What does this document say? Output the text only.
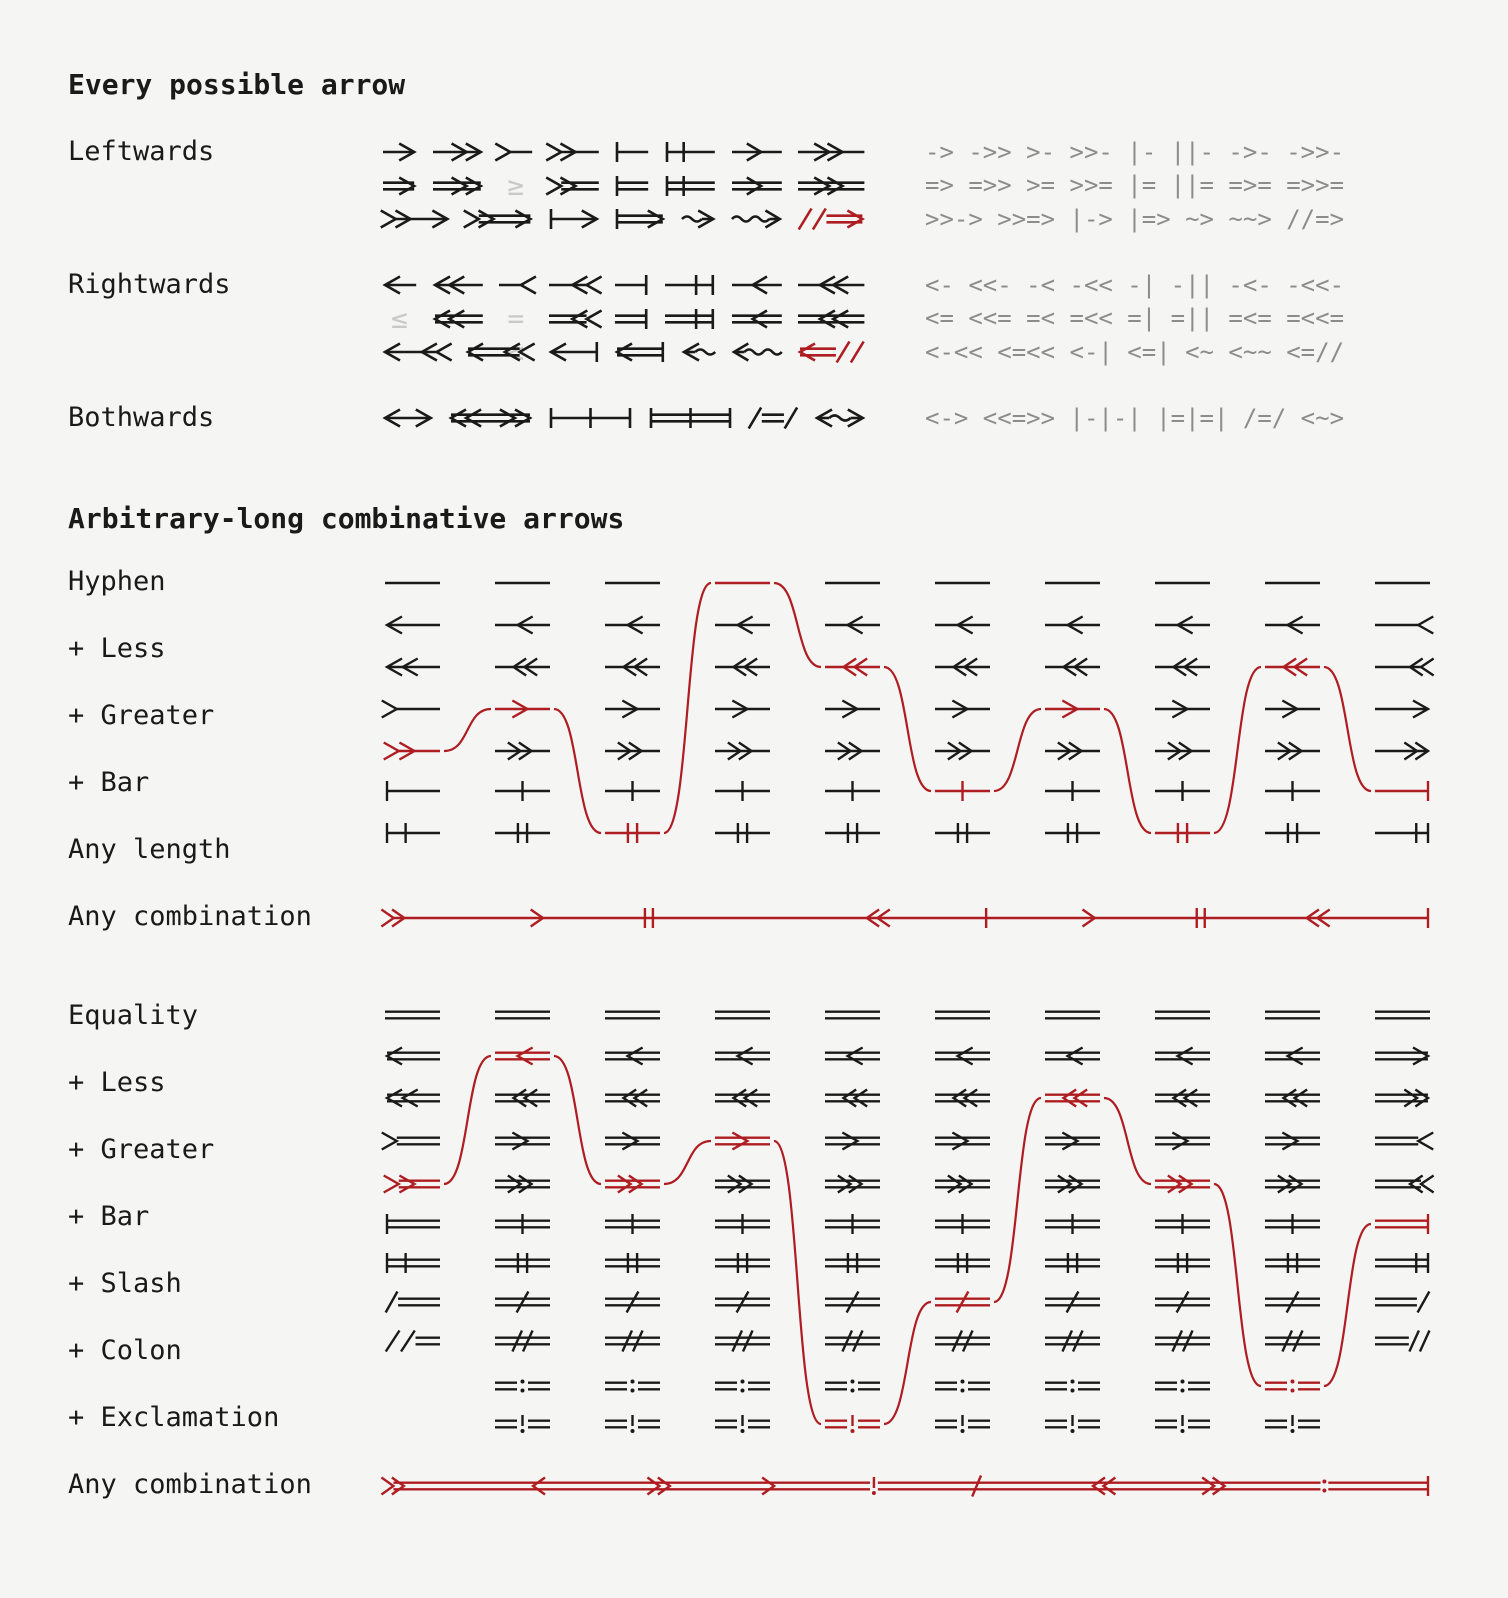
Every possible arrow
Leftwards
Rightwards
Bothwards
-> ->> >- >>- |- ||- ->- ->>-
=> =>> >= >>= |= ||= =>= =>>=
>>-> >>=> |-> |=> ~> ~~> //=>
<- <<- -< -<< -| -|| -<- -<<-
<= <<= =< =<< =| =|| =<= =<<=
<-<< <=<< <-| <=| <~ <~~ <=//
<-> <<=>> |-|-| |=|=| /=/ <~>
Arbitrary-long combinative arrows
Hyphen
+ Less
+ Greater
+ Bar
Any length
Any combination
Equality
+ Less
+ Greater
+ Bar
+ Slash
+ Colon
+ Exclamation
Any combination
≥
≤	=<
